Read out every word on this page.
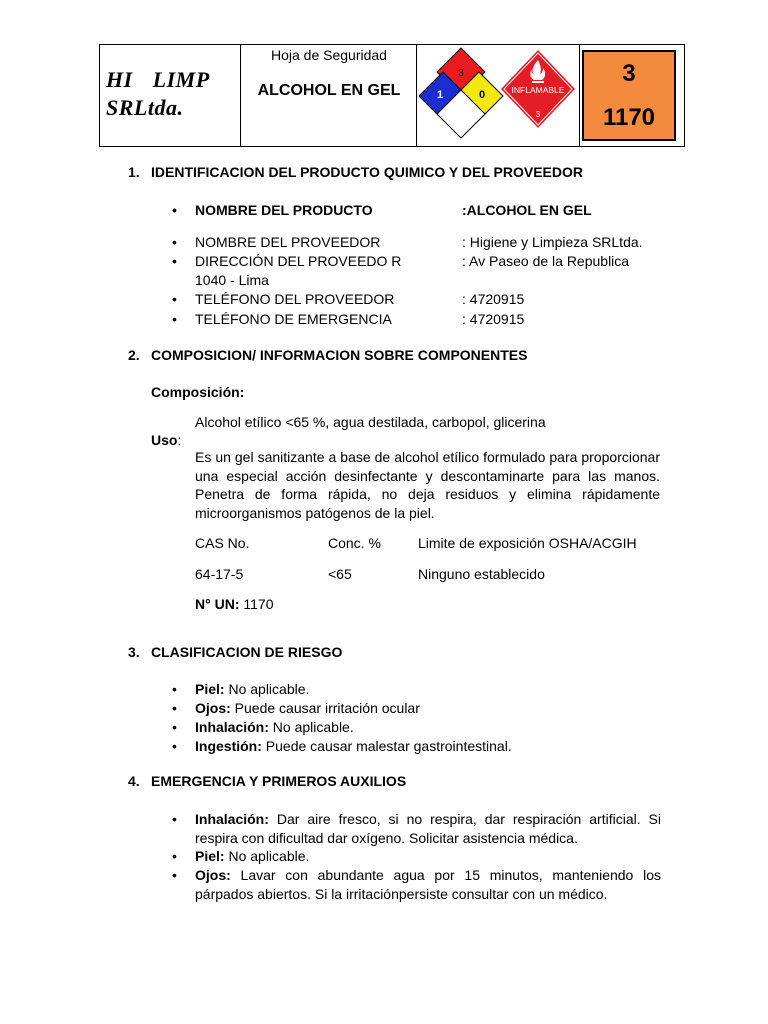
HI LIMP
SRLtda.
Hoja de Seguridad
ALCOHOL EN GEL
3
1	0	INFLAMABLE
3
3
1170
1. IDENTIFICACION DEL PRODUCTO QUIMICO Y DEL PROVEEDOR
• NOMBRE DEL PRODUCTO	:ALCOHOL EN GEL
• NOMBRE DEL PROVEEDOR	: Higiene y Limpieza SRLtda.
• DIRECCIÓN DEL PROVEEDO R	: Av Paseo de la Republica
1040 - Lima
• TELÉFONO DEL PROVEEDOR	: 4720915
• TELÉFONO DE EMERGENCIA	: 4720915
2. COMPOSICION/ INFORMACION SOBRE COMPONENTES
Composición:
Alcohol etílico <65 %, agua destilada, carbopol, glicerina
Uso:
Es un gel sanitizante a base de alcohol etílico formulado para proporcionar una especial acción desinfectante y descontaminarte para las manos. Penetra de forma rápida, no deja residuos y elimina rápidamente microorganismos patógenos de la piel.
CAS No.	Conc. %	Limite de exposición OSHA/ACGIH
64-17-5	<65	Ninguno establecido
N° UN: 1170
3. CLASIFICACION DE RIESGO
• Piel: No aplicable.
• Ojos: Puede causar irritación ocular
• Inhalación: No aplicable.
• Ingestión: Puede causar malestar gastrointestinal.
4. EMERGENCIA Y PRIMEROS AUXILIOS
• Inhalación: Dar aire fresco, si no respira, dar respiración artificial. Si respira con dificultad dar oxígeno. Solicitar asistencia médica.
• Piel: No aplicable.
• Ojos: Lavar con abundante agua por 15 minutos, manteniendo los párpados abiertos. Si la irritaciónpersiste consultar con un médico.
